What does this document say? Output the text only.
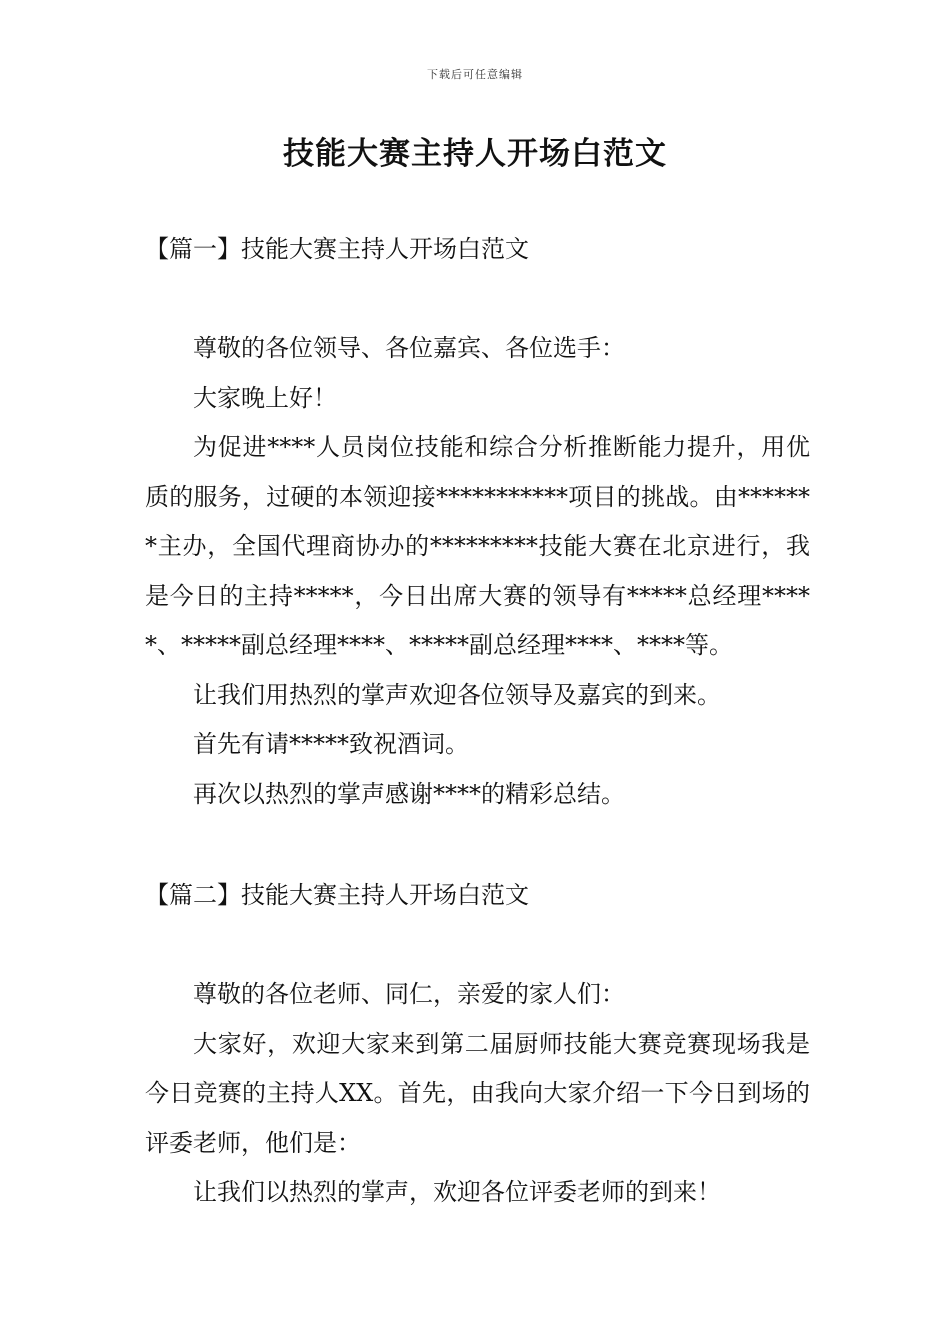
下载后可任意编辑
技能大赛主持人开场白范文
【篇一】技能大赛主持人开场白范文

尊敬的各位领导、各位嘉宾、各位选手：

大家晚上好！

为促进****人员岗位技能和综合分析推断能力提升，用优质的服务，过硬的本领迎接***********项目的挑战。由*******主办，全国代理商协办的*********技能大赛在北京进行，我是今日的主持*****，今日出席大赛的领导有*****总经理*****、*****副总经理****、*****副总经理****、****等。

让我们用热烈的掌声欢迎各位领导及嘉宾的到来。

首先有请*****致祝酒词。

再次以热烈的掌声感谢****的精彩总结。

【篇二】技能大赛主持人开场白范文

尊敬的各位老师、同仁，亲爱的家人们：

大家好，欢迎大家来到第二届厨师技能大赛竞赛现场我是今日竞赛的主持人XX。首先，由我向大家介绍一下今日到场的评委老师，他们是：

让我们以热烈的掌声，欢迎各位评委老师的到来！
